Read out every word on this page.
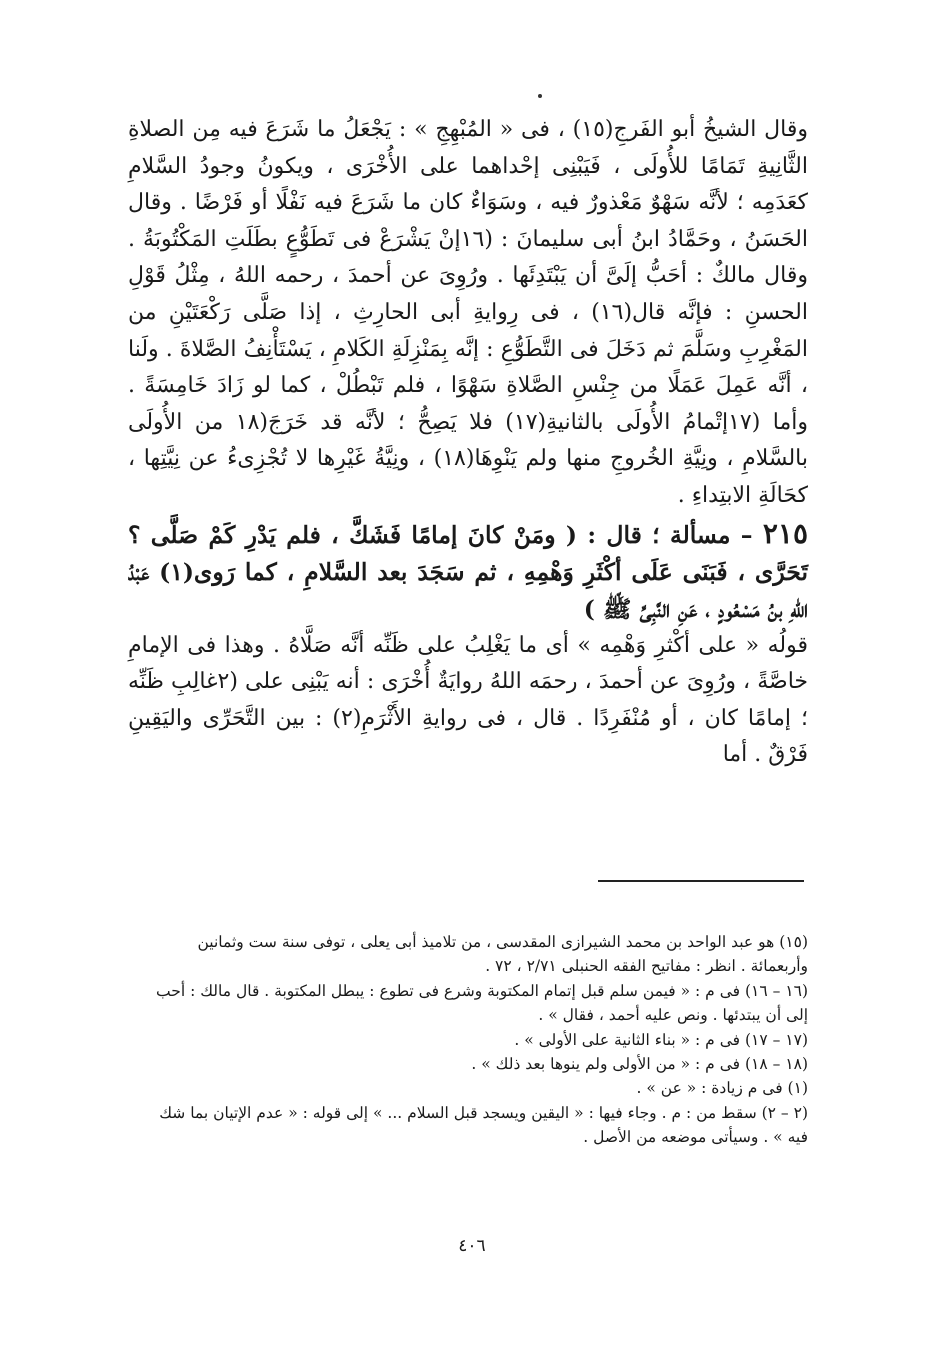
وقال الشيخُ أبو الفَرجِ(١٥) ، فى « المُبْهِجِ » : يَجْعَلُ ما شَرَعَ فيه مِن الصلاةِ الثَّانِيةِ تَمَامًا للأُولَى ، فَيَبْنِى إحْداهما على الأُخْرَى ، ويكونُ وجودُ السَّلامِ كعَدَمِه ؛ لأنَّه سَهْوٌ مَعْذورٌ فيه ، وسَوَاءٌ كان ما شَرَعَ فيه نَفْلًا أو فَرْضًا . وقال الحَسَنُ ، وحَمَّادُ ابنُ أبى سليمانَ : (١٦إنْ يَشْرَعْ فى تَطَوُّعٍ بطَلَتِ المَكْتُوبَةُ . وقال مالكٌ : أحَبُّ إلَىَّ أن يَبْتَدِئَها . ورُوِىَ عن أحمدَ ، رحمه اللهُ ، مِثْلُ قَوْلِ الحسنِ : فإنَّه قال(١٦) ، فى رِوايةِ أبى الحارِثِ ، إذا صَلَّى رَكْعَتَيْنِ من المَغْرِبِ وسَلَّمَ ثم دَخَلَ فى التَّطَوُّعِ : إنَّه بِمَنْزِلَةِ الكَلامِ ، يَسْتَأْنِفُ الصَّلاةَ . ولَنا ، أنَّه عَمِلَ عَمَلًا من جِنْسِ الصَّلاةِ سَهْوًا ، فلم تَبْطُلْ ، كما لو زَادَ خَامِسَةً . وأما (١٧إتْمامُ الأُولَى بالثانيةِ(١٧) فلا يَصِحُّ ؛ لأنَّه قد خَرَجَ(١٨ من الأُولَى بالسَّلامِ ، ونِيَّةِ الخُروجِ منها ولم يَنْوِهَا(١٨) ، ونِيَّةُ غَيْرِها لا تُجْزِىءُ عن نِيَّتِها ، كحَالَةِ الابتِداءِ .

٢١٥ – مسألة ؛ قال : ( ومَنْ كانَ إمامًا فَشَكَّ ، فلم يَدْرِ كَمْ صَلَّى ؟ تَحَرَّى ، فَبَنَى عَلَى أكْثَرِ وَهْمِهِ ، ثم سَجَدَ بعد السَّلامِ ، كما رَوى(١) عَبْدُ اللهِ بنُ مَسْعُودٍ ، عَنِ النَّبِىِّ ﷺ )

قولُه « على أكْثرِ وَهْمِه » أى ما يَغْلِبُ على ظَنِّه أنَّه صَلَّاهُ . وهذا فى الإمامِ خاصَّةً ، ورُوِىَ عن أحمدَ ، رحمَه اللهُ روايَةٌ أُخْرَى : أنه يَبْنِى على (٢غالِبِ ظَنِّه ؛ إمامًا كان ، أو مُنْفَرِدًا . قال ، فى روايةِ الأَثْرَمِ(٢) : بين التَّحَرِّى واليَقِينِ فَرْقٌ . أما

(١٥) هو عبد الواحد بن محمد الشيرازى المقدسى ، من تلاميذ أبى يعلى ، توفى سنة ست وثمانين وأربعمائة . انظر : مفاتيح الفقه الحنبلى ٢/٧١ ، ٧٢ .

(١٦ – ١٦) فى م : « فيمن سلم قبل إتمام المكتوبة وشرع فى تطوع : يبطل المكتوبة . قال مالك : أحب إلى أن يبتدئها . ونص عليه أحمد ، فقال » .

(١٧ – ١٧) فى م : « بناء الثانية على الأولى » .

(١٨ – ١٨) فى م : « من الأولى ولم ينوها بعد ذلك » .

(١) فى م زيادة : « عن » .

(٢ – ٢) سقط من : م . وجاء فيها : « اليقين ويسجد قبل السلام ... » إلى قوله : « عدم الإتيان بما شك فيه » . وسيأتى موضعه من الأصل .

٤٠٦
